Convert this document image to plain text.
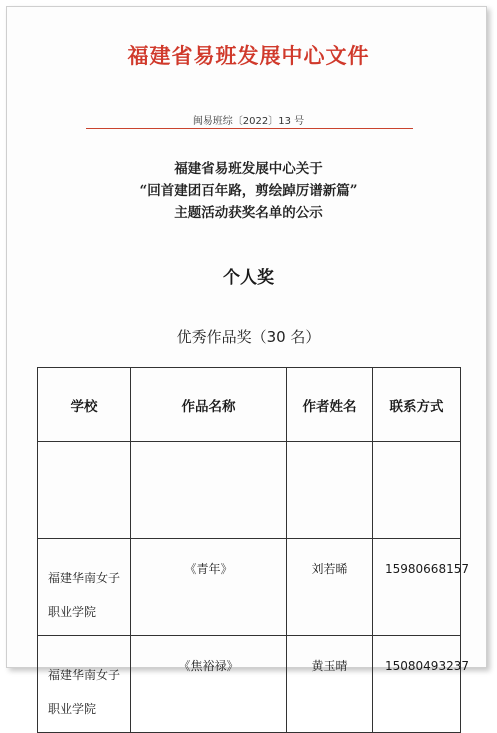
福建省易班发展中心文件
闽易班综〔2022〕13 号
福建省易班发展中心关于
“回首建团百年路，剪绘踔厉谱新篇”
主题活动获奖名单的公示
个人奖
优秀作品奖（30 名）
学校	作品名称	作者姓名	联系方式

福建华南女子职业学院	《青年》	刘若晞	15980668157

福建华南女子职业学院	《焦裕禄》	黄玉晴	15080493237
